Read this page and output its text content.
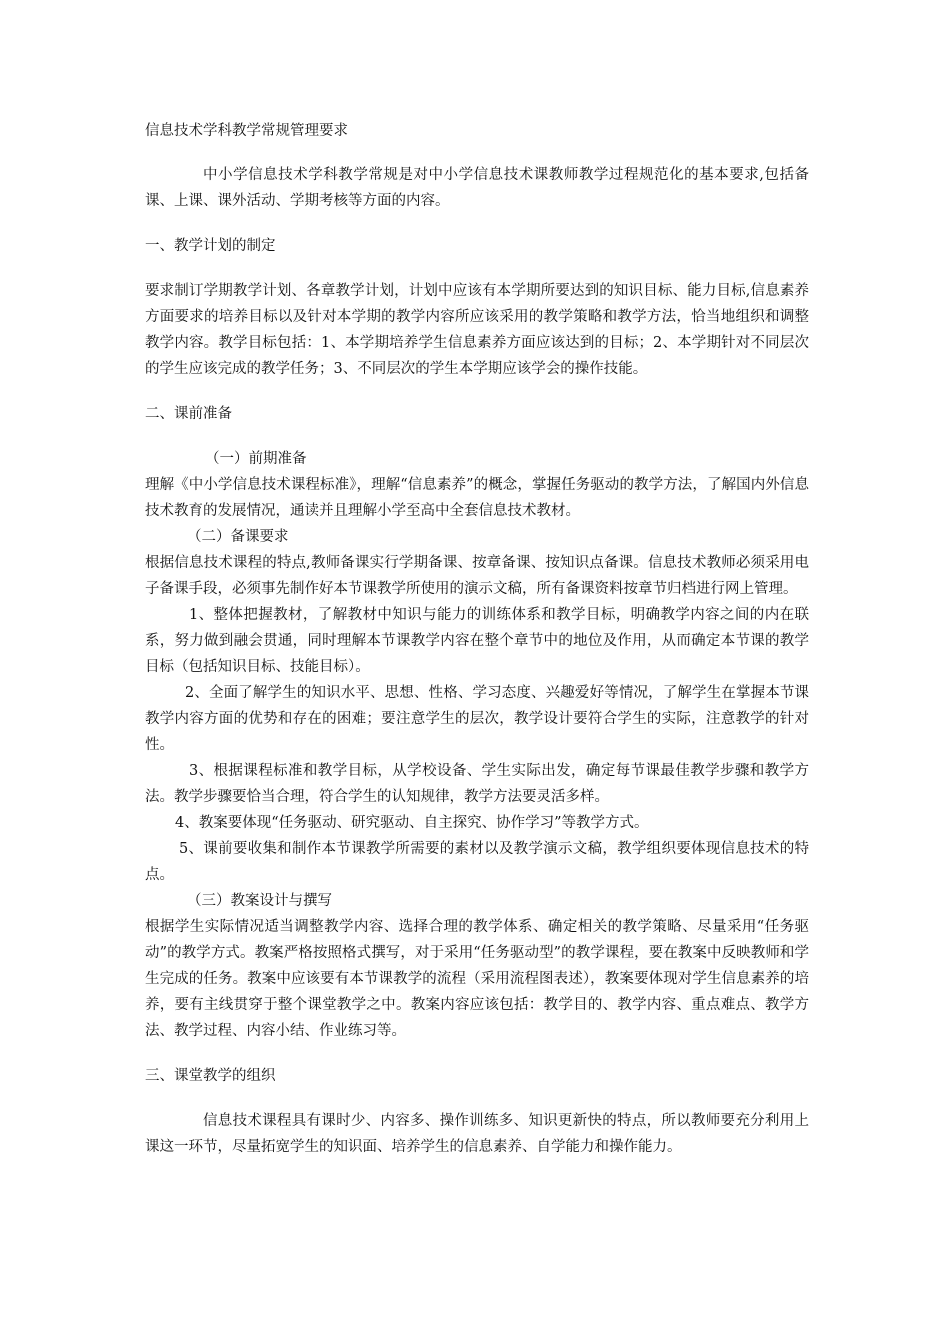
信息技术学科教学常规管理要求

中小学信息技术学科教学常规是对中小学信息技术课教师教学过程规范化的基本要求,包括备课、上课、课外活动、学期考核等方面的内容。

一、教学计划的制定

要求制订学期教学计划、各章教学计划，计划中应该有本学期所要达到的知识目标、能力目标,信息素养方面要求的培养目标以及针对本学期的教学内容所应该采用的教学策略和教学方法，恰当地组织和调整教学内容。教学目标包括：1、本学期培养学生信息素养方面应该达到的目标；2、本学期针对不同层次的学生应该完成的教学任务；3、不同层次的学生本学期应该学会的操作技能。

二、课前准备

（一）前期准备

理解《中小学信息技术课程标准》，理解“信息素养”的概念，掌握任务驱动的教学方法，了解国内外信息技术教育的发展情况，通读并且理解小学至高中全套信息技术教材。

（二）备课要求

根据信息技术课程的特点,教师备课实行学期备课、按章备课、按知识点备课。信息技术教师必须采用电子备课手段，必须事先制作好本节课教学所使用的演示文稿，所有备课资料按章节归档进行网上管理。

1、整体把握教材，了解教材中知识与能力的训练体系和教学目标，明确教学内容之间的内在联系，努力做到融会贯通，同时理解本节课教学内容在整个章节中的地位及作用，从而确定本节课的教学目标（包括知识目标、技能目标）。

2、全面了解学生的知识水平、思想、性格、学习态度、兴趣爱好等情况，了解学生在掌握本节课教学内容方面的优势和存在的困难；要注意学生的层次，教学设计要符合学生的实际，注意教学的针对性。

3、根据课程标准和教学目标，从学校设备、学生实际出发，确定每节课最佳教学步骤和教学方法。教学步骤要恰当合理，符合学生的认知规律，教学方法要灵活多样。

4、教案要体现“任务驱动、研究驱动、自主探究、协作学习”等教学方式。

5、课前要收集和制作本节课教学所需要的素材以及教学演示文稿，教学组织要体现信息技术的特点。

（三）教案设计与撰写

根据学生实际情况适当调整教学内容、选择合理的教学体系、确定相关的教学策略、尽量采用“任务驱动”的教学方式。教案严格按照格式撰写，对于采用“任务驱动型”的教学课程，要在教案中反映教师和学生完成的任务。教案中应该要有本节课教学的流程（采用流程图表述），教案要体现对学生信息素养的培养，要有主线贯穿于整个课堂教学之中。教案内容应该包括：教学目的、教学内容、重点难点、教学方法、教学过程、内容小结、作业练习等。

三、课堂教学的组织

信息技术课程具有课时少、内容多、操作训练多、知识更新快的特点，所以教师要充分利用上课这一环节，尽量拓宽学生的知识面、培养学生的信息素养、自学能力和操作能力。
